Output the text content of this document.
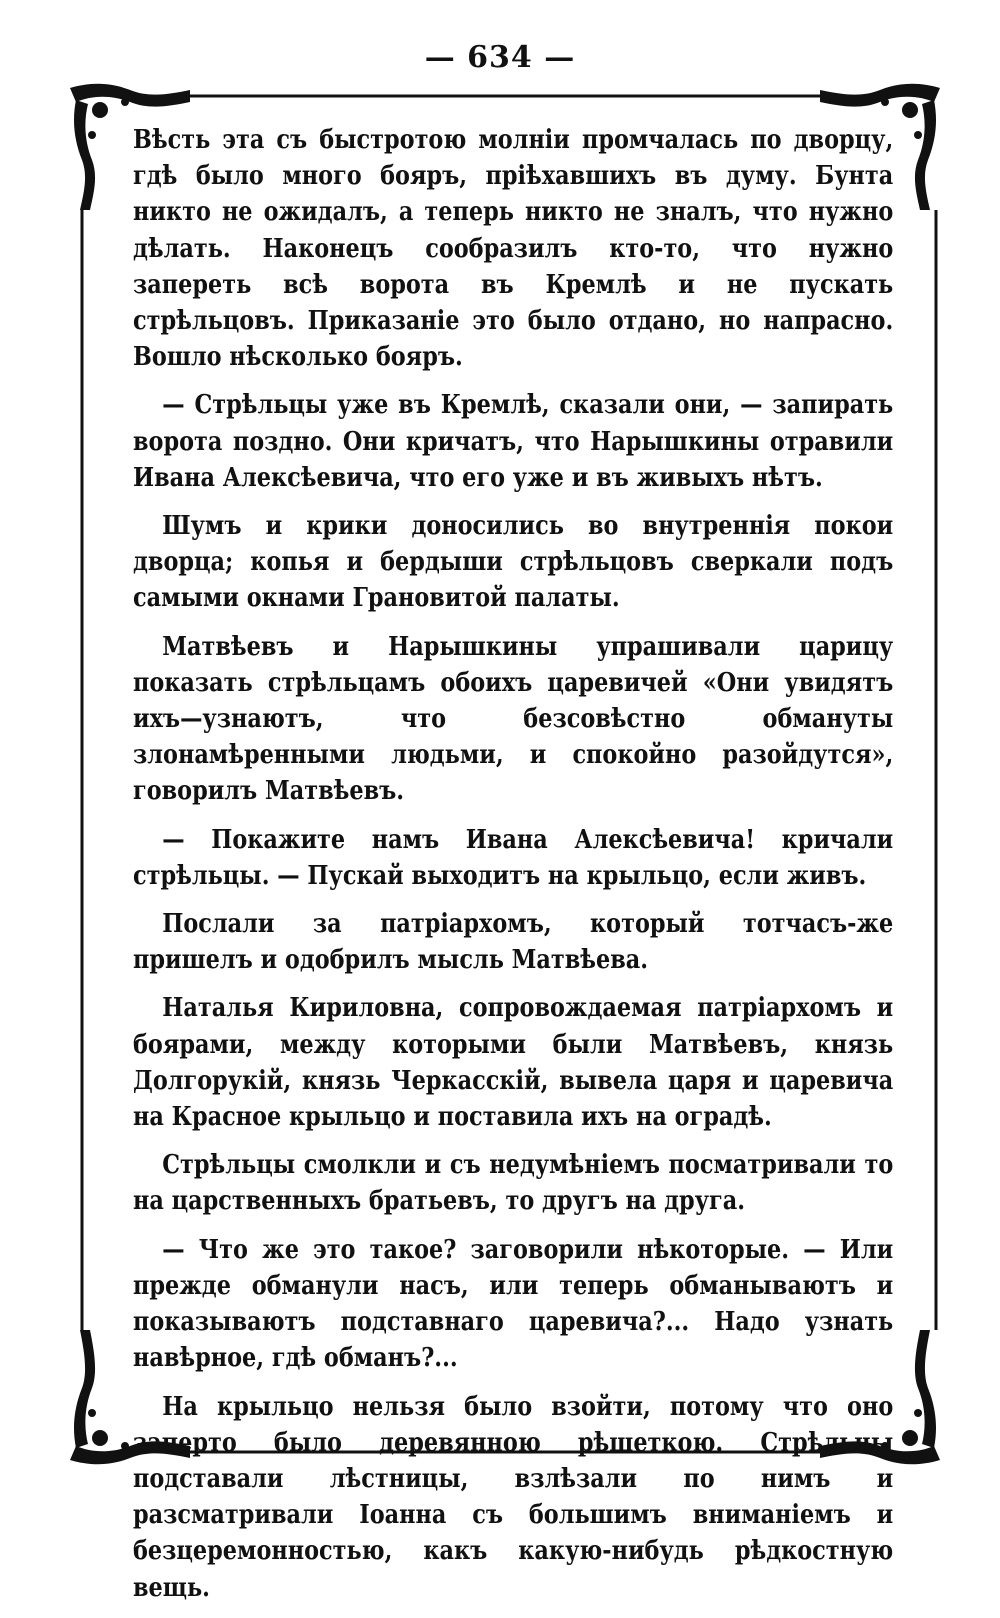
— 634 —

Вѣсть эта съ быстротою молніи промчалась по дворцу, гдѣ было много бояръ, пріѣхавшихъ въ думу. Бунта никто не ожидалъ, а теперь никто не зналъ, что нужно дѣлать. Наконецъ сообразилъ кто-то, что нужно запереть всѣ ворота въ Кремлѣ и не пускать стрѣльцовъ. Приказаніе это было отдано, но напрасно. Вошло нѣсколько бояръ.

— Стрѣльцы уже въ Кремлѣ, сказали они, — запирать ворота поздно. Они кричатъ, что Нарышкины отравили Ивана Алексѣевича, что его уже и въ живыхъ нѣтъ.

Шумъ и крики доносились во внутреннія покои дворца; копья и бердыши стрѣльцовъ сверкали подъ самыми окнами Грановитой палаты.

Матвѣевъ и Нарышкины упрашивали царицу показать стрѣльцамъ обоихъ царевичей «Они увидятъ ихъ—узнаютъ, что безсовѣстно обмануты злонамѣренными людьми, и спокойно разойдутся», говорилъ Матвѣевъ.

— Покажите намъ Ивана Алексѣевича! кричали стрѣльцы. — Пускай выходитъ на крыльцо, если живъ.

Послали за патріархомъ, который тотчасъ-же пришелъ и одобрилъ мысль Матвѣева.

Наталья Кириловна, сопровождаемая патріархомъ и боярами, между которыми были Матвѣевъ, князь Долгорукій, князь Черкасскій, вывела царя и царевича на Красное крыльцо и поставила ихъ на оградѣ.

Стрѣльцы смолкли и съ недумѣніемъ посматривали то на царственныхъ братьевъ, то другъ на друга.

— Что же это такое? заговорили нѣкоторые. — Или прежде обманули насъ, или теперь обманываютъ и показываютъ подставнаго царевича?... Надо узнать навѣрное, гдѣ обманъ?...

На крыльцо нельзя было взойти, потому что оно заперто было деревянною рѣшеткою. Стрѣльцы подставали лѣстницы, взлѣзали по нимъ и разсматривали Іоанна съ большимъ вниманіемъ и безцеремонностью, какъ какую-нибудь рѣдкостную вещь.
